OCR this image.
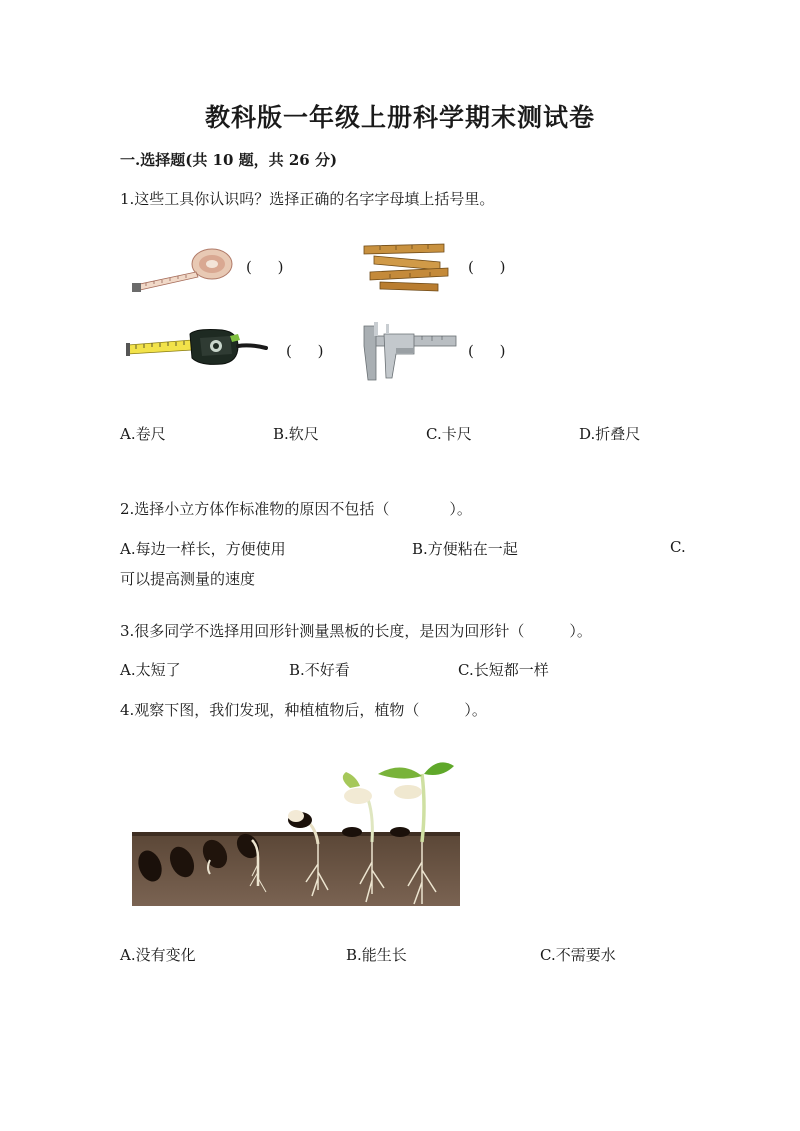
教科版一年级上册科学期末测试卷
一.选择题(共 10 题，共 26 分)
1.这些工具你认识吗？选择正确的名字字母填上括号里。
(　 )	(　 )
(　 )	(　 )
A.卷尺	B.软尺	C.卡尺	D.折叠尺
2.选择小立方体作标准物的原因不包括（　　　　）。
A.每边一样长，方便使用	B.方便粘在一起	C.
可以提高测量的速度
3.很多同学不选择用回形针测量黑板的长度，是因为回形针（　　　）。
A.太短了	B.不好看	C.长短都一样
4.观察下图，我们发现，种植植物后，植物（　　　）。
A.没有变化	B.能生长	C.不需要水
